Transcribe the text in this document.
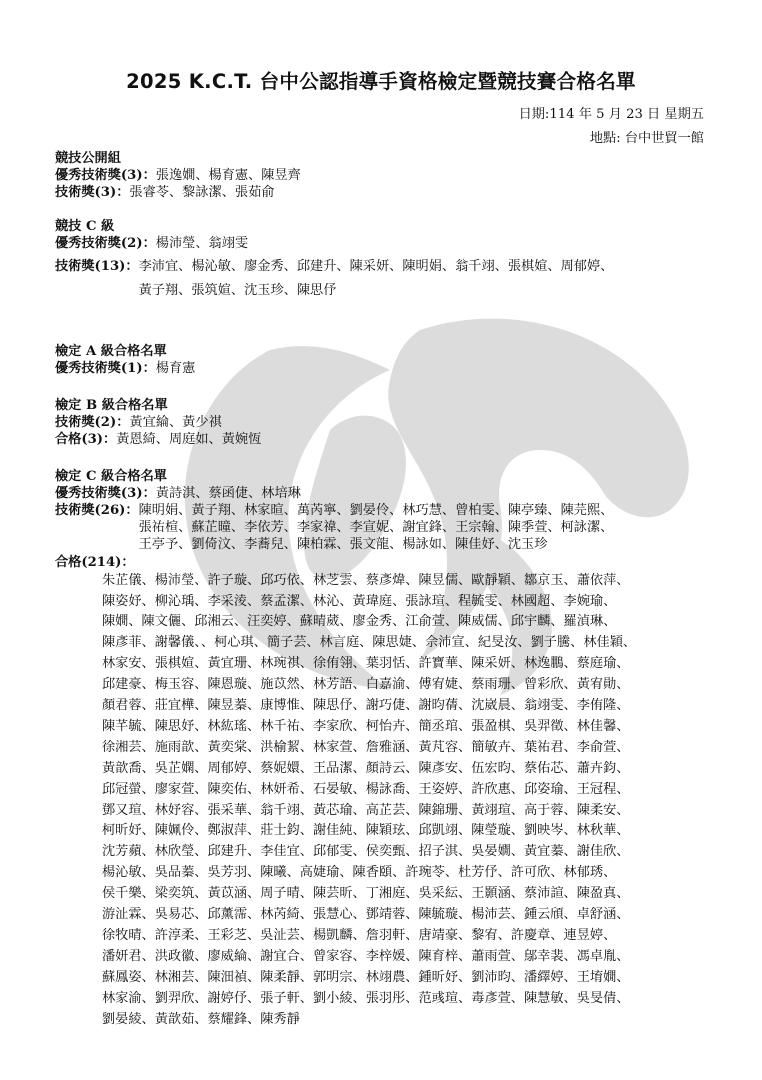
2025 K.C.T. 台中公認指導手資格檢定暨競技賽合格名單
日期:114 年 5 月 23 日 星期五
地點: 台中世貿一館
競技公開組
優秀技術獎(3)： 張逸嫺、楊育憲、陳昱齊
技術獎(3)： 張睿苓、黎詠潔、張茹俞
競技 C 級
優秀技術獎(2)： 楊沛瑩、翁翊雯
技術獎(13)： 李沛宜、楊沁敏、廖金秀、邱建升、陳采妍、陳明娟、翁千翊、張棋媗、周郁婷、
黃子翔、張筑媗、沈玉珍、陳思伃
檢定 A 級合格名單
優秀技術獎(1)： 楊育憲
檢定 B 級合格名單
技術獎(2)： 黃宜綸、黃少祺
合格(3)： 黃恩綺、周庭如、黃婉恆
檢定 C 級合格名單
優秀技術獎(3)： 黃詩淇、蔡函倢、林培琳
技術獎(26)： 陳明娟、黃子翔、林家暄、萬芮寧、劉晏伶、林巧慧、曾柏雯、陳亭臻、陳芫熙、
張祐楦、蘇芷曈、李依芳、李家禕、李宣妮、謝宜鋒、王宗翰、陳季萱、柯詠潔、
王亭予、劉倚汶、李蕎兒、陳柏霖、張文龍、楊詠如、陳佳妤、沈玉珍
合格(214)：
朱芷儀、楊沛瑩、許子璇、邱巧依、林芝雲、蔡彥煒、陳昱儒、歐靜穎、鄒京玉、蕭依萍、
陳姿妤、柳沁瑀、李采淩、蔡孟潔、林沁、黃瑋庭、張詠瑄、程毓雯、林國超、李婉瑜、
陳嫺、陳文儷、邱湘云、汪奕婷、蘇晴葳、廖金秀、江俞萱、陳威儒、邱宇麟、羅湞琳、
陳彥菲、謝馨儀、、柯心琪、簡子芸、林言庭、陳思婕、佘沛宣、紀旻汝、劉子騰、林佳穎、
林家安、張棋媗、黃宜珊、林琬祺、徐侑翎、葉羽恬、許寶華、陳采妍、林逸鵬、蔡庭瑜、
邱建豪、梅玉容、陳恩璇、施苡然、林芳語、白嘉渝、傅宥婕、蔡雨珊、曾彩欣、黃宥勛、
顏君蓉、莊宜樺、陳昱蓁、康博惟、陳思伃、謝巧倢、謝昀蒨、沈崴晨、翁翊雯、李侑隆、
陳芊毓、陳思妤、林紘瑤、林千祐、李家欣、柯怡卉、簡丞琯、張盈棋、吳羿徵、林佳馨、
徐湘芸、施雨歆、黃奕棠、洪榆絜、林家萱、詹雅涵、黃芃容、簡敏卉、葉祐君、李俞萱、
黃歆喬、吳芷嫻、周郁婷、蔡妮嬛、王品潔、顏詩云、陳彥安、伍宏昀、蔡佑芯、蕭卉鈞、
邱冠螢、廖家萱、陳奕佑、林妍希、石晏敏、楊詠喬、王姿婷、許欣惠、邱姿瑜、王冠程、
鄧又瑄、林妤容、張采華、翁千翊、黃芯瑜、高芷芸、陳錦珊、黃翊瑄、高于蓉、陳柔安、
柯昕妤、陳姵伶、鄭淑萍、莊士鈞、謝佳純、陳穎玹、邱凱翊、陳瑩璇、劉映岑、林秋華、
沈芳蘋、林欣瑩、邱建升、李佳宜、邱郁雯、侯奕甄、招子淇、吳晏嫺、黃宜蓁、謝佳欣、
楊沁敏、吳品蓁、吳芳羽、陳曦、高婕瑜、陳香頤、許琬苓、杜芳伃、許可欣、林郁琇、
侯千樂、梁奕筑、黃苡涵、周子晴、陳芸昕、丁湘庭、吳采紜、王顥涵、蔡沛諠、陳盈真、
游沚霖、吳易芯、邱薰霈、林芮綺、張慧心、鄧靖蓉、陳毓璇、楊沛芸、鍾云頎、卓舒涵、
徐牧晴、許淳柔、王彩芝、吳沚芸、楊凱麟、詹羽軒、唐靖豪、黎宥、許慶章、連昱婷、
潘妍君、洪政徽、廖威綸、謝宜合、曾家容、李梓媛、陳育梓、蕭雨萱、鄔幸裴、馮卓胤、
蘇鳳姿、林湘芸、陳沺禎、陳柔靜、郭明宗、林翊農、鍾昕妤、劉沛昀、潘繹婷、王堉嫺、
林家渝、劉羿欣、謝婷伃、張子軒、劉小綾、張羽彤、范彧瑄、毒彥萱、陳慧敏、吳旻倩、
劉晏綾、黃歆茹、蔡耀鋒、陳秀靜
